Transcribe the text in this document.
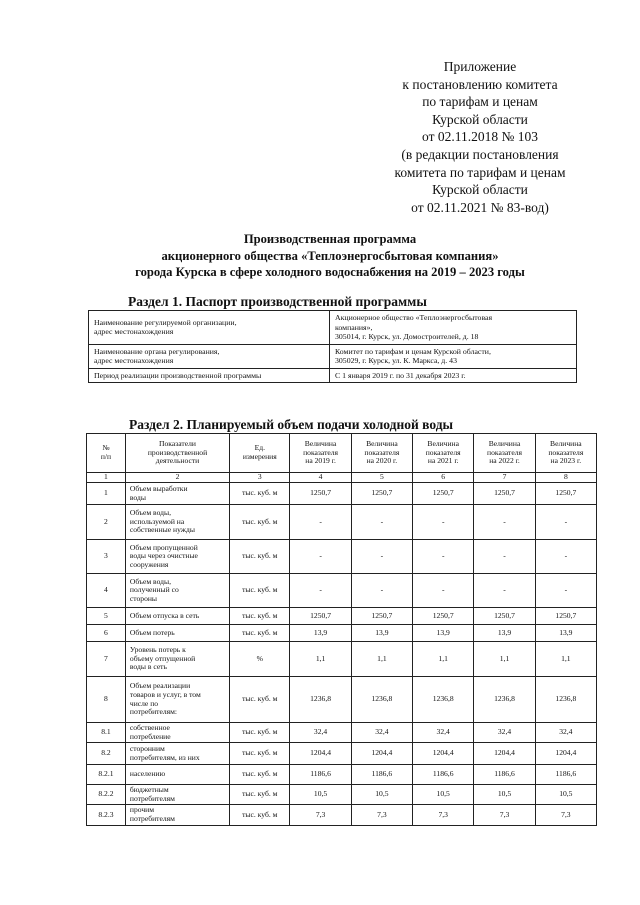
Приложение
к постановлению комитета
по тарифам и ценам
Курской области
от 02.11.2018 № 103
(в редакции постановления
комитета по тарифам и ценам
Курской области
от 02.11.2021 № 83-вод)
Производственная программа
акционерного общества «Теплоэнергосбытовая компания»
города Курска в сфере холодного водоснабжения на 2019 – 2023 годы
Раздел 1. Паспорт производственной программы
Наименование регулируемой организации,
адрес местонахождения	Акционерное общество «Теплоэнергосбытовая
компания»,
305014, г. Курск, ул. Домостроителей, д. 18
Наименование органа регулирования,
адрес местонахождения	Комитет по тарифам и ценам Курской области,
305029, г. Курск, ул. К. Маркса, д. 43
Период реализации производственной программы	С 1 января 2019 г. по 31 декабря 2023 г.
Раздел 2. Планируемый объем подачи холодной воды
№
п/п	Показатели
производственной
деятельности	Ед.
измерения	Величина
показателя
на 2019 г.	Величина
показателя
на 2020 г.	Величина
показателя
на 2021 г.	Величина
показателя
на 2022 г.	Величина
показателя
на 2023 г.
1	2	3	4	5	6	7	8
1	Объем выработки
воды	тыс. куб. м	1250,7	1250,7	1250,7	1250,7	1250,7
2	Объем воды,
используемой на
собственные нужды	тыс. куб. м	-	-	-	-	-
3	Объем пропущенной
воды через очистные
сооружения	тыс. куб. м	-	-	-	-	-
4	Объем воды,
полученный со
стороны	тыс. куб. м	-	-	-	-	-
5	Объем отпуска в сеть	тыс. куб. м	1250,7	1250,7	1250,7	1250,7	1250,7
6	Объем потерь	тыс. куб. м	13,9	13,9	13,9	13,9	13,9
7	Уровень потерь к
объему отпущенной
воды в сеть	%	1,1	1,1	1,1	1,1	1,1
8	Объем реализации
товаров и услуг, в том
числе по
потребителям:	тыс. куб. м	1236,8	1236,8	1236,8	1236,8	1236,8
8.1	собственное
потребление	тыс. куб. м	32,4	32,4	32,4	32,4	32,4
8.2	сторонним
потребителям, из них	тыс. куб. м	1204,4	1204,4	1204,4	1204,4	1204,4
8.2.1	населению	тыс. куб. м	1186,6	1186,6	1186,6	1186,6	1186,6
8.2.2	бюджетным
потребителям	тыс. куб. м	10,5	10,5	10,5	10,5	10,5
8.2.3	прочим
потребителям	тыс. куб. м	7,3	7,3	7,3	7,3	7,3
